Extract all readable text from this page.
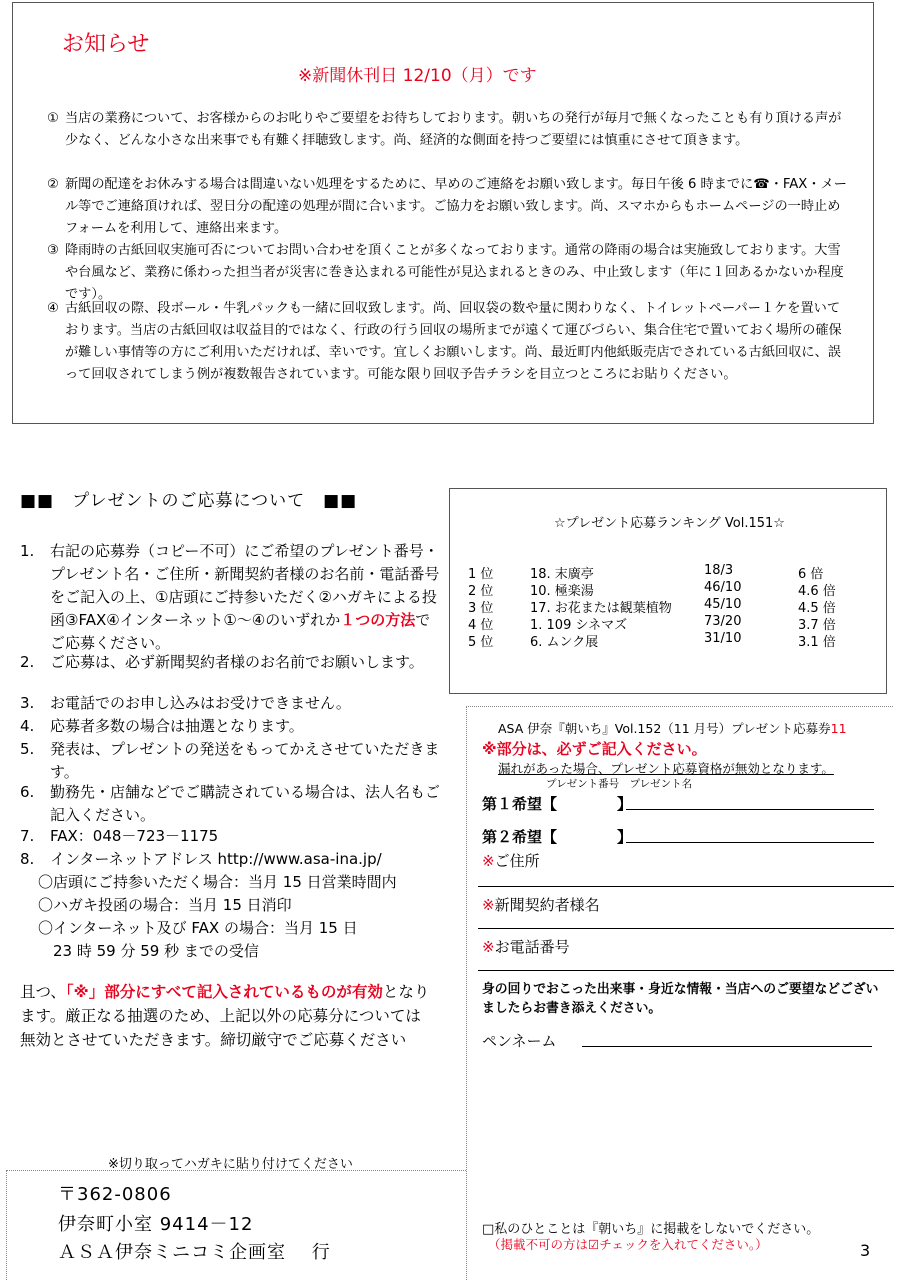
お知らせ
※新聞休刊日 12/10（月）です
① 当店の業務について、お客様からのお叱りやご要望をお待ちしております。朝いちの発行が毎月で無くなったことも有り頂ける声が少なく、どんな小さな出来事でも有難く拝聴致します。尚、経済的な側面を持つご要望には慎重にさせて頂きます。
② 新聞の配達をお休みする場合は間違いない処理をするために、早めのご連絡をお願い致します。毎日午後 6 時までに☎・FAX・メール等でご連絡頂ければ、翌日分の配達の処理が間に合います。ご協力をお願い致します。尚、スマホからもホームページの一時止めフォームを利用して、連絡出来ます。
③ 降雨時の古紙回収実施可否についてお問い合わせを頂くことが多くなっております。通常の降雨の場合は実施致しております。大雪や台風など、業務に係わった担当者が災害に巻き込まれる可能性が見込まれるときのみ、中止致します（年に１回あるかないか程度です）。
④ 古紙回収の際、段ボール・牛乳パックも一緒に回収致します。尚、回収袋の数や量に関わりなく、トイレットペーパー１ケを置いております。当店の古紙回収は収益目的ではなく、行政の行う回収の場所までが遠くて運びづらい、集合住宅で置いておく場所の確保が難しい事情等の方にご利用いただければ、幸いです。宜しくお願いします。尚、最近町内他紙販売店でされている古紙回収に、誤って回収されてしまう例が複数報告されています。可能な限り回収予告チラシを目立つところにお貼りください。
■■　プレゼントのご応募について　■■
1.	右記の応募券（コピー不可）にご希望のプレゼント番号・プレゼント名・ご住所・新聞契約者様のお名前・電話番号をご記入の上、①店頭にご持参いただく②ハガキによる投函③FAX④インターネット①～④のいずれか１つの方法でご応募ください。
2.	ご応募は、必ず新聞契約者様のお名前でお願いします。
3.	お電話でのお申し込みはお受けできません。
4.	応募者多数の場合は抽選となります。
5.	発表は、プレゼントの発送をもってかえさせていただきます。
6.	勤務先・店舗などでご購読されている場合は、法人名もご記入ください。
7.	FAX：048－723－1175
8.	インターネットアドレス http://www.asa-ina.jp/
〇店頭にご持参いただく場合：当月 15 日営業時間内
〇ハガキ投函の場合：当月 15 日消印
〇インターネット及び FAX の場合：当月 15 日
　23 時 59 分 59 秒 までの受信
且つ、「※」部分にすべて記入されているものが有効となります。厳正なる抽選のため、上記以外の応募分については 無効とさせていただきます。締切厳守でご応募ください
☆プレゼント応募ランキング Vol.151☆
1 位	18. 末廣亭	18/3	6 倍
2 位	10. 極楽湯	46/10	4.6 倍
3 位	17. お花または観葉植物 45/10	4.5 倍
4 位	1. 109 シネマズ	73/20	3.7 倍
5 位	6. ムンク展	31/10	3.1 倍
ASA 伊奈『朝いち』Vol.152（11 月号）プレゼント応募券11
※部分は、必ずご記入ください。
漏れがあった場合、プレゼント応募資格が無効となります。
プレゼント番号　プレゼント名
第１希望【　　　　】
第２希望【　　　　】
※ご住所
※新聞契約者様名
※お電話番号
身の回りでおこった出来事・身近な情報・当店へのご要望などございましたらお書き添えください。
ペンネーム
□私のひとことは『朝いち』に掲載をしないでください。
（掲載不可の方は☑チェックを入れてください。）
※切り取ってハガキに貼り付けてください
〒362-0806
伊奈町小室 9414－12
ＡＳＡ伊奈ミニコミ企画室　 行	3
